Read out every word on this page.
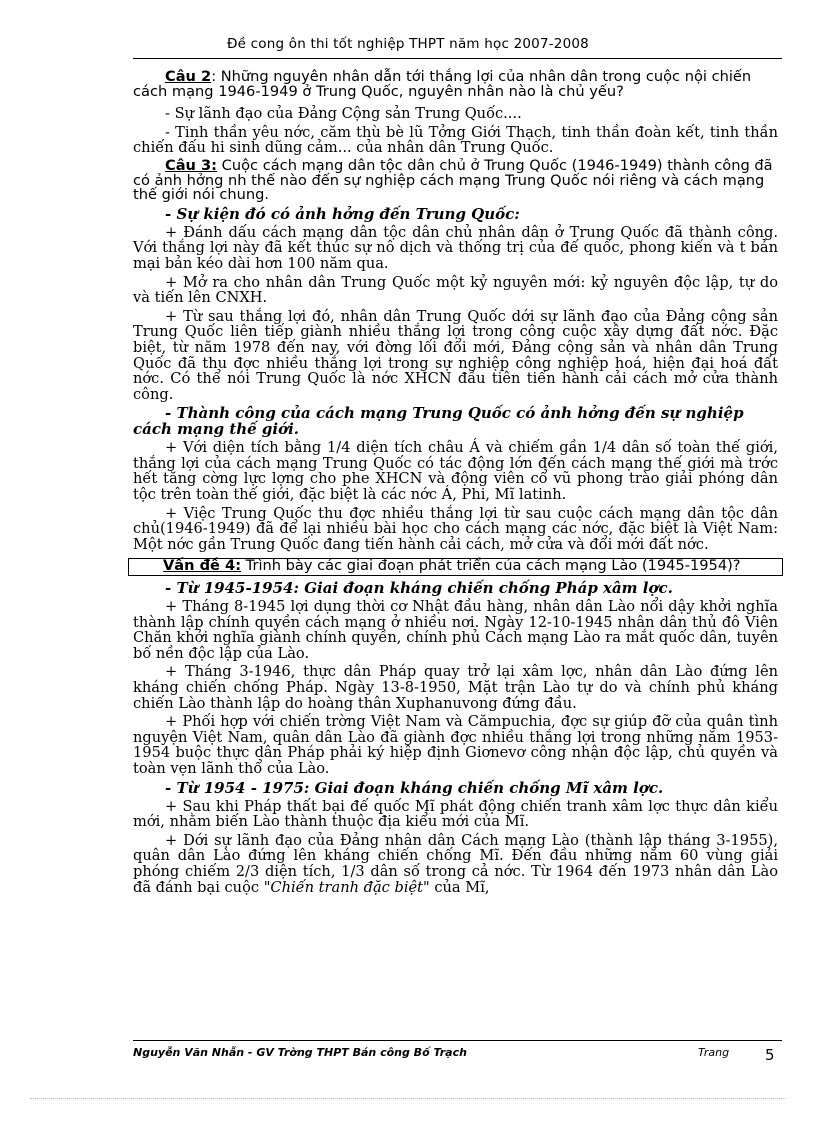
Đề cong ôn thi tốt nghiệp THPT năm học 2007-2008
Câu 2: Những nguyên nhân dẫn tới thắng lợi của nhân dân trong cuộc nội chiến cách mạng 1946-1949 ở Trung Quốc, nguyên nhân nào là chủ yếu?
- Sự lãnh đạo của Đảng Cộng sản Trung Quốc....
- Tinh thần yêu nớc, căm thù bè lũ Tởng Giới Thạch, tinh thần đoàn kết, tinh thần chiến đấu hi sinh dũng cảm... của nhân dân Trung Quốc.
Câu 3: Cuộc cách mạng dân tộc dân chủ ở Trung Quốc (1946-1949) thành công đã có ảnh hởng nh thế nào đến sự nghiệp cách mạng Trung Quốc nói riêng và cách mạng thế giới nói chung.
- Sự kiện đó có ảnh hởng đến Trung Quốc:
+ Đánh dấu cách mạng dân tộc dân chủ nhân dân ở Trung Quốc đã thành công. Với thắng lợi này đã kết thúc sự nô dịch và thống trị của đế quốc, phong kiến và t bản mại bản kéo dài hơn 100 năm qua.
+ Mở ra cho nhân dân Trung Quốc một kỷ nguyên mới: kỷ nguyên độc lập, tự do và tiến lên CNXH.
+ Từ sau thắng lợi đó, nhân dân Trung Quốc dới sự lãnh đạo của Đảng cộng sản Trung Quốc liên tiếp giành nhiều thắng lợi trong công cuộc xây dựng đất nớc. Đặc biệt, từ năm 1978 đến nay, với đờng lối đổi mới, Đảng cộng sản và nhân dân Trung Quốc đã thu đợc nhiều thắng lợi trong sự nghiệp công nghiệp hoá, hiện đại hoá đất nớc. Có thể nói Trung Quốc là nớc XHCN đầu tiên tiến hành cải cách mở cửa thành công.
- Thành công của cách mạng Trung Quốc có ảnh hởng đến sự nghiệp cách mạng thế giới.
+ Với diện tích bằng 1/4 diện tích châu Á và chiếm gần 1/4 dân số toàn thế giới, thắng lợi của cách mạng Trung Quốc có tác động lớn đến cách mạng thế giới mà trớc hết tăng cờng lực lợng cho phe XHCN và động viên cổ vũ phong trào giải phóng dân tộc trên toàn thế giới, đặc biệt là các nớc Á, Phi, Mĩ latinh.
+ Việc Trung Quốc thu đợc nhiều thắng lợi từ sau cuộc cách mạng dân tộc dân chủ(1946-1949) đã để lại nhiều bài học cho cách mạng các nớc, đặc biệt là Việt Nam: Một nớc gần Trung Quốc đang tiến hành cải cách, mở cửa và đổi mới đất nớc.
Vấn đề 4: Trình bày các giai đoạn phát triển của cách mạng Lào (1945-1954)?
- Từ 1945-1954: Giai đoạn kháng chiến chống Pháp xâm lợc.
+ Tháng 8-1945 lợi dụng thời cơ Nhật đầu hàng, nhân dân Lào nổi dậy khởi nghĩa thành lập chính quyền cách mạng ở nhiều nơi. Ngày 12-10-1945 nhân dân thủ đô Viên Chăn khởi nghĩa giành chính quyền, chính phủ Cách mạng Lào ra mắt quốc dân, tuyên bố nền độc lập của Lào.
+ Tháng 3-1946, thực dân Pháp quay trở lại xâm lợc, nhân dân Lào đứng lên kháng chiến chống Pháp. Ngày 13-8-1950, Mặt trận Lào tự do và chính phủ kháng chiến Lào thành lập do hoàng thân Xuphanuvong đứng đầu.
+ Phối hợp với chiến trờng Việt Nam và Cămpuchia, đợc sự giúp đỡ của quân tình nguyện Việt Nam, quân dân Lào đã giành đợc nhiều thắng lợi trong những năm 1953-1954 buộc thực dân Pháp phải ký hiệp định Giơnevơ công nhận độc lập, chủ quyền và toàn vẹn lãnh thổ của Lào.
- Từ 1954 - 1975: Giai đoạn kháng chiến chống Mĩ xâm lợc.
+ Sau khi Pháp thất bại đế quốc Mĩ phát động chiến tranh xâm lợc thực dân kiểu mới, nhằm biến Lào thành thuộc địa kiểu mới của Mĩ.
+ Dới sự lãnh đạo của Đảng nhân dân Cách mạng Lào (thành lập tháng 3-1955), quân dân Lào đứng lên kháng chiến chống Mĩ. Đến đầu những năm 60 vùng giải phóng chiếm 2/3 diện tích, 1/3 dân số trong cả nớc. Từ 1964 đến 1973 nhân dân Lào đã đánh bại cuộc "Chiến tranh đặc biệt" của Mĩ,
Nguyễn Văn Nhẫn - GV Trờng THPT Bán công Bố Trạch	Trang 5
